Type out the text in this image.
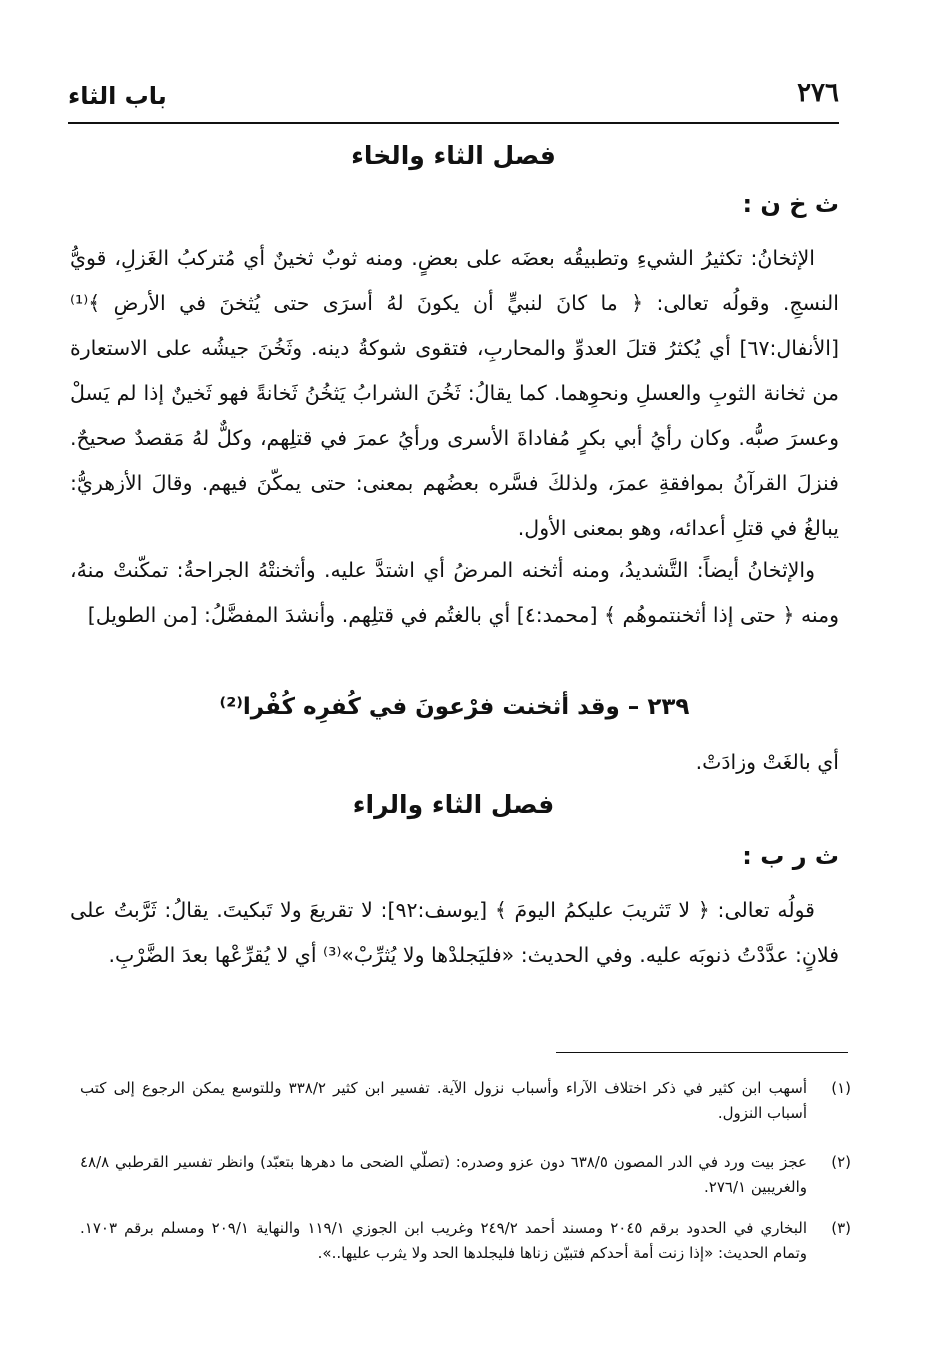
٢٧٦
باب الثاء
فصل الثاء والخاء
ث خ ن :
الإثخانُ: تكثيرُ الشيءِ وتطبيقُه بعضَه على بعضٍ. ومنه ثوبٌ ثخينٌ أي مُتركبُ الغَزلِ، قويُّ النسجِ. وقولُه تعالى: ﴿ ما كانَ لنبيٍّ أن يكونَ لهُ أسرَى حتى يُثخنَ في الأرضِ ﴾⁽¹⁾ [الأنفال:٦٧] أي يُكثرُ قتلَ العدوِّ والمحاربِ، فتقوى شوكةُ دينه. وثَخُنَ جيشُه على الاستعارة من ثخانة الثوبِ والعسلِ ونحوِهما. كما يقالُ: ثَخُنَ الشرابُ يَثخُنُ ثَخانةً فهو ثَخينٌ إذا لم يَسلْ وعسرَ صبُّه. وكان رأيُ أبي بكرٍ مُفاداةَ الأسرى ورأيُ عمرَ في قتلِهم، وكلٌّ لهُ مَقصدٌ صحيحٌ. فنزلَ القرآنُ بموافقةِ عمرَ، ولذلكَ فسَّره بعضُهم بمعنى: حتى يمكّنَ فيهم. وقالَ الأزهريُّ: يبالغُ في قتلِ أعدائه، وهو بمعنى الأول.
والإثخانُ أيضاً: التَّشديدُ، ومنه أثخنه المرضُ أي اشتدَّ عليه. وأثخنتْهُ الجراحةُ: تمكّنتْ منهُ، ومنه ﴿ حتى إذا أثخنتموهُم ﴾ [محمد:٤] أي بالغتُم في قتلِهم. وأنشدَ المفضَّلُ: [من الطويل]
٢٣٩ – وقد أثخنت فرْعونَ في كُفرِه كُفْرا⁽²⁾
أي بالغَتْ وزادَتْ.
فصل الثاء والراء
ث ر ب :
قولُه تعالى: ﴿ لا تَثريبَ عليكمُ اليومَ ﴾ [يوسف:٩٢]: لا تقريعَ ولا تَبكيتَ. يقالُ: ثَرَّبتُ على فلانٍ: عدَّدْتُ ذنوبَه عليه. وفي الحديث: «فليَجلدْها ولا يُثرِّبْ»⁽³⁾ أي لا يُقرِّعْها بعدَ الضَّرْبِ.
(١)
أسهب ابن كثير في ذكر اختلاف الآراء وأسباب نزول الآية. تفسير ابن كثير ٣٣٨/٢ وللتوسع يمكن الرجوع إلى كتب أسباب النزول.
(٢)
عجز بيت ورد في الدر المصون ٦٣٨/٥ دون عزو وصدره: (تصلّي الضحى ما دهرها بتعبّد) وانظر تفسير القرطبي ٤٨/٨ والغريبين ٢٧٦/١.
(٣)
البخاري في الحدود برقم ٢٠٤٥ ومسند أحمد ٢٤٩/٢ وغريب ابن الجوزي ١١٩/١ والنهاية ٢٠٩/١ ومسلم برقم ١٧٠٣. وتمام الحديث: «إذا زنت أمة أحدكم فتبيّن زناها فليجلدها الحد ولا يثرب عليها..».
